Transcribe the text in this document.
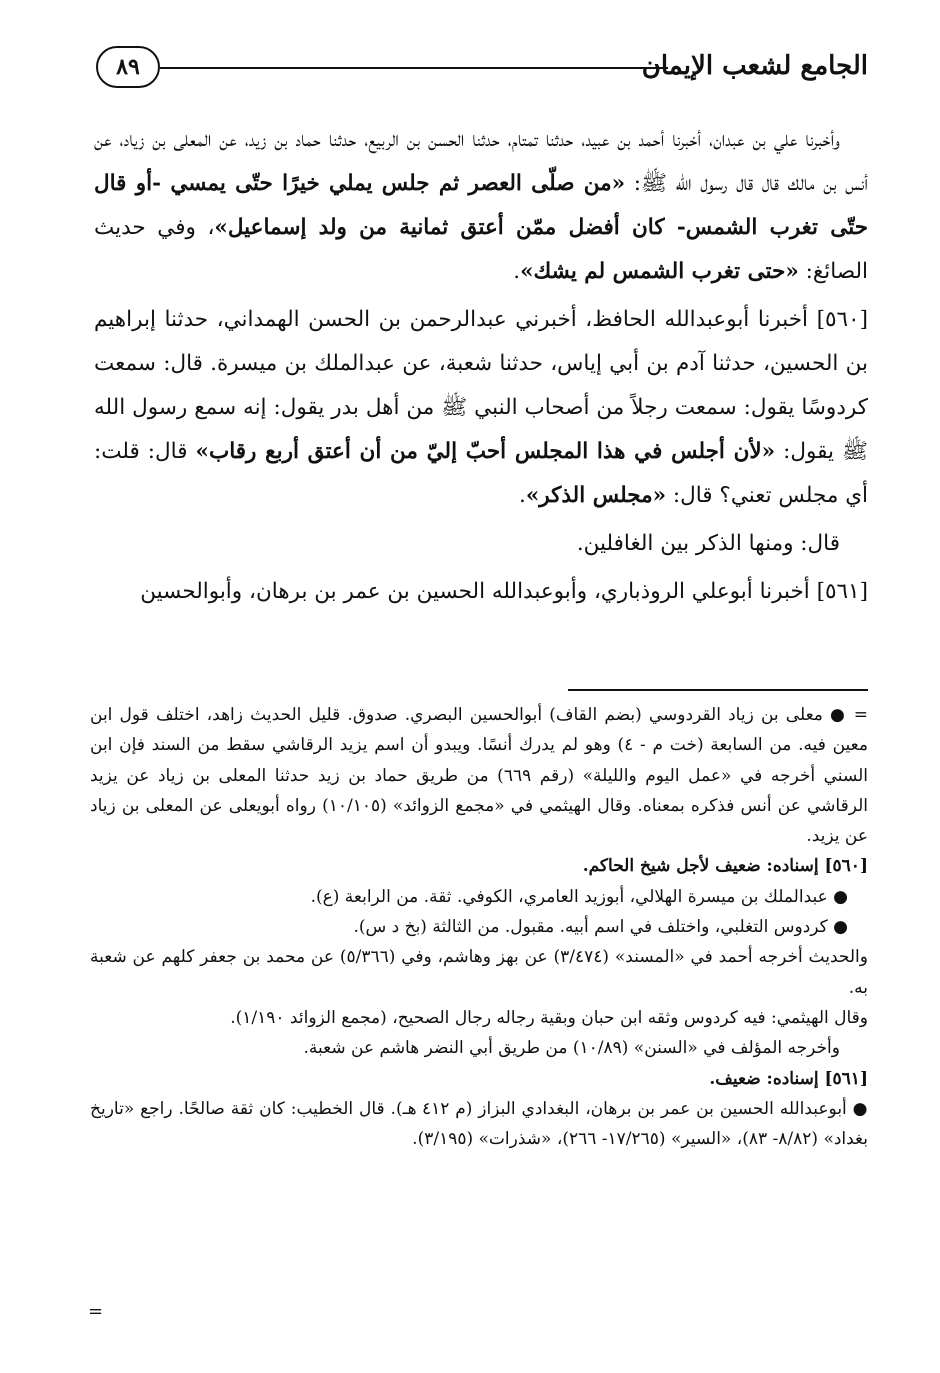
٨٩	الجامع لشعب الإيمان

وأخبرنا علي بن عبدان، أخبرنا أحمد بن عبيد، حدثنا تمتام، حدثنا الحسن بن الربيع، حدثنا حماد بن زيد، عن المعلى بن زياد، عن أنس بن مالك قال قال رسول الله ﷺ: «من صلّى العصر ثم جلس يملي خيرًا حتّى يمسي -أو قال حتّى تغرب الشمس- كان أفضل ممّن أعتق ثمانية من ولد إسماعيل»، وفي حديث الصائغ: «حتى تغرب الشمس لم يشك».

[٥٦٠] أخبرنا أبوعبدالله الحافظ، أخبرني عبدالرحمن بن الحسن الهمداني، حدثنا إبراهيم بن الحسين، حدثنا آدم بن أبي إياس، حدثنا شعبة، عن عبدالملك بن ميسرة. قال: سمعت كردوسًا يقول: سمعت رجلاً من أصحاب النبي ﷺ من أهل بدر يقول: إنه سمع رسول الله ﷺ يقول: «لأن أجلس في هذا المجلس أحبّ إليّ من أن أعتق أربع رقاب» قال: قلت: أي مجلس تعني؟ قال: «مجلس الذكر».

قال: ومنها الذكر بين الغافلين.

[٥٦١] أخبرنا أبوعلي الروذباري، وأبوعبدالله الحسين بن عمر بن برهان، وأبوالحسين

= ● معلى بن زياد القردوسي (بضم القاف) أبوالحسين البصري. صدوق. قليل الحديث زاهد، اختلف قول ابن معين فيه. من السابعة (خت م - ٤) وهو لم يدرك أنسًا. ويبدو أن اسم يزيد الرقاشي سقط من السند فإن ابن السني أخرجه في «عمل اليوم والليلة» (رقم ٦٦٩) من طريق حماد بن زيد حدثنا المعلى بن زياد عن يزيد الرقاشي عن أنس فذكره بمعناه. وقال الهيثمي في «مجمع الزوائد» (١٠/١٠٥) رواه أبويعلى عن المعلى بن زياد عن يزيد.

[٥٦٠] إسناده: ضعيف لأجل شيخ الحاكم.

● عبدالملك بن ميسرة الهلالي، أبوزيد العامري، الكوفي. ثقة. من الرابعة (ع).

● كردوس التغلبي، واختلف في اسم أبيه. مقبول. من الثالثة (بخ د س).

والحديث أخرجه أحمد في «المسند» (٣/٤٧٤) عن بهز وهاشم، وفي (٥/٣٦٦) عن محمد بن جعفر كلهم عن شعبة به.

وقال الهيثمي: فيه كردوس وثقه ابن حبان وبقية رجاله رجال الصحيح، (مجمع الزوائد ١/١٩٠).

وأخرجه المؤلف في «السنن» (١٠/٨٩) من طريق أبي النضر هاشم عن شعبة.

[٥٦١] إسناده: ضعيف.

● أبوعبدالله الحسين بن عمر بن برهان، البغدادي البزاز (م ٤١٢ هـ). قال الخطيب: كان ثقة صالحًا. راجع «تاريخ بغداد» (٨/٨٢- ٨٣)، «السير» (١٧/٢٦٥- ٢٦٦)، «شذرات» (٣/١٩٥).

=
